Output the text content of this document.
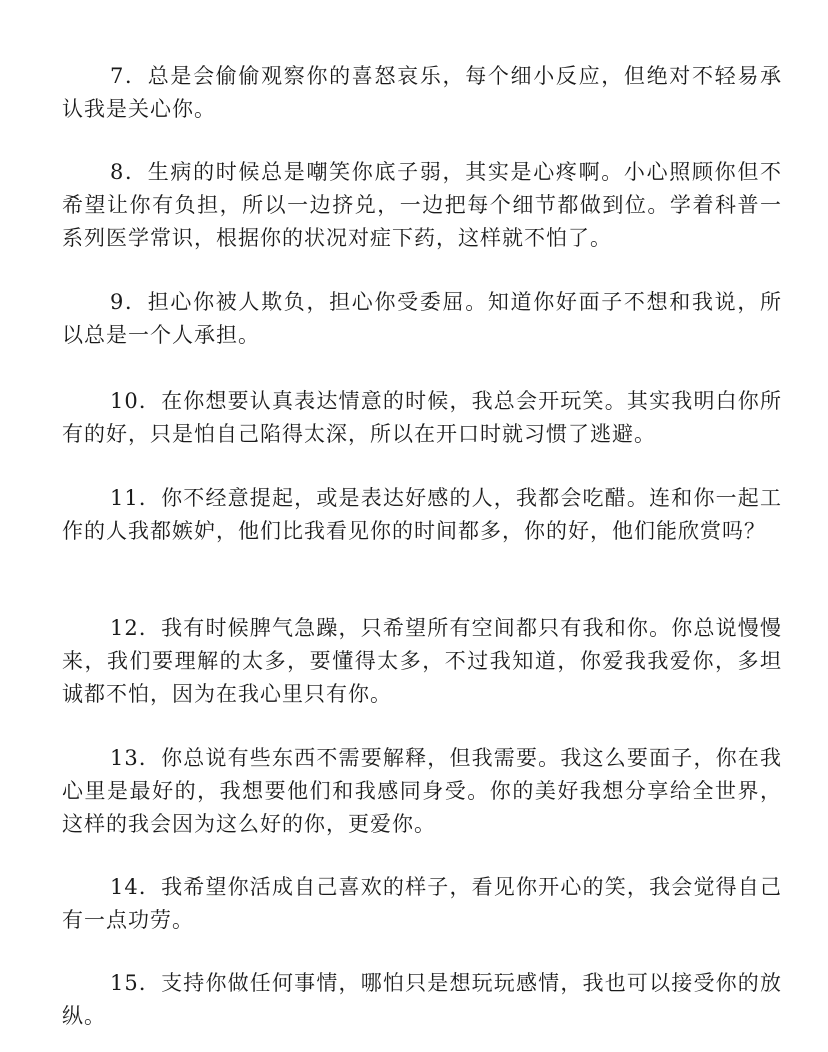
7．总是会偷偷观察你的喜怒哀乐，每个细小反应，但绝对不轻易承认我是关心你。

8．生病的时候总是嘲笑你底子弱，其实是心疼啊。小心照顾你但不希望让你有负担，所以一边挤兑，一边把每个细节都做到位。学着科普一系列医学常识，根据你的状况对症下药，这样就不怕了。

9．担心你被人欺负，担心你受委屈。知道你好面子不想和我说，所以总是一个人承担。

10．在你想要认真表达情意的时候，我总会开玩笑。其实我明白你所有的好，只是怕自己陷得太深，所以在开口时就习惯了逃避。

11．你不经意提起，或是表达好感的人，我都会吃醋。连和你一起工作的人我都嫉妒，他们比我看见你的时间都多，你的好，他们能欣赏吗？

12．我有时候脾气急躁，只希望所有空间都只有我和你。你总说慢慢来，我们要理解的太多，要懂得太多，不过我知道，你爱我我爱你，多坦诚都不怕，因为在我心里只有你。

13．你总说有些东西不需要解释，但我需要。我这么要面子，你在我心里是最好的，我想要他们和我感同身受。你的美好我想分享给全世界，这样的我会因为这么好的你，更爱你。

14．我希望你活成自己喜欢的样子，看见你开心的笑，我会觉得自己有一点功劳。

15．支持你做任何事情，哪怕只是想玩玩感情，我也可以接受你的放纵。
